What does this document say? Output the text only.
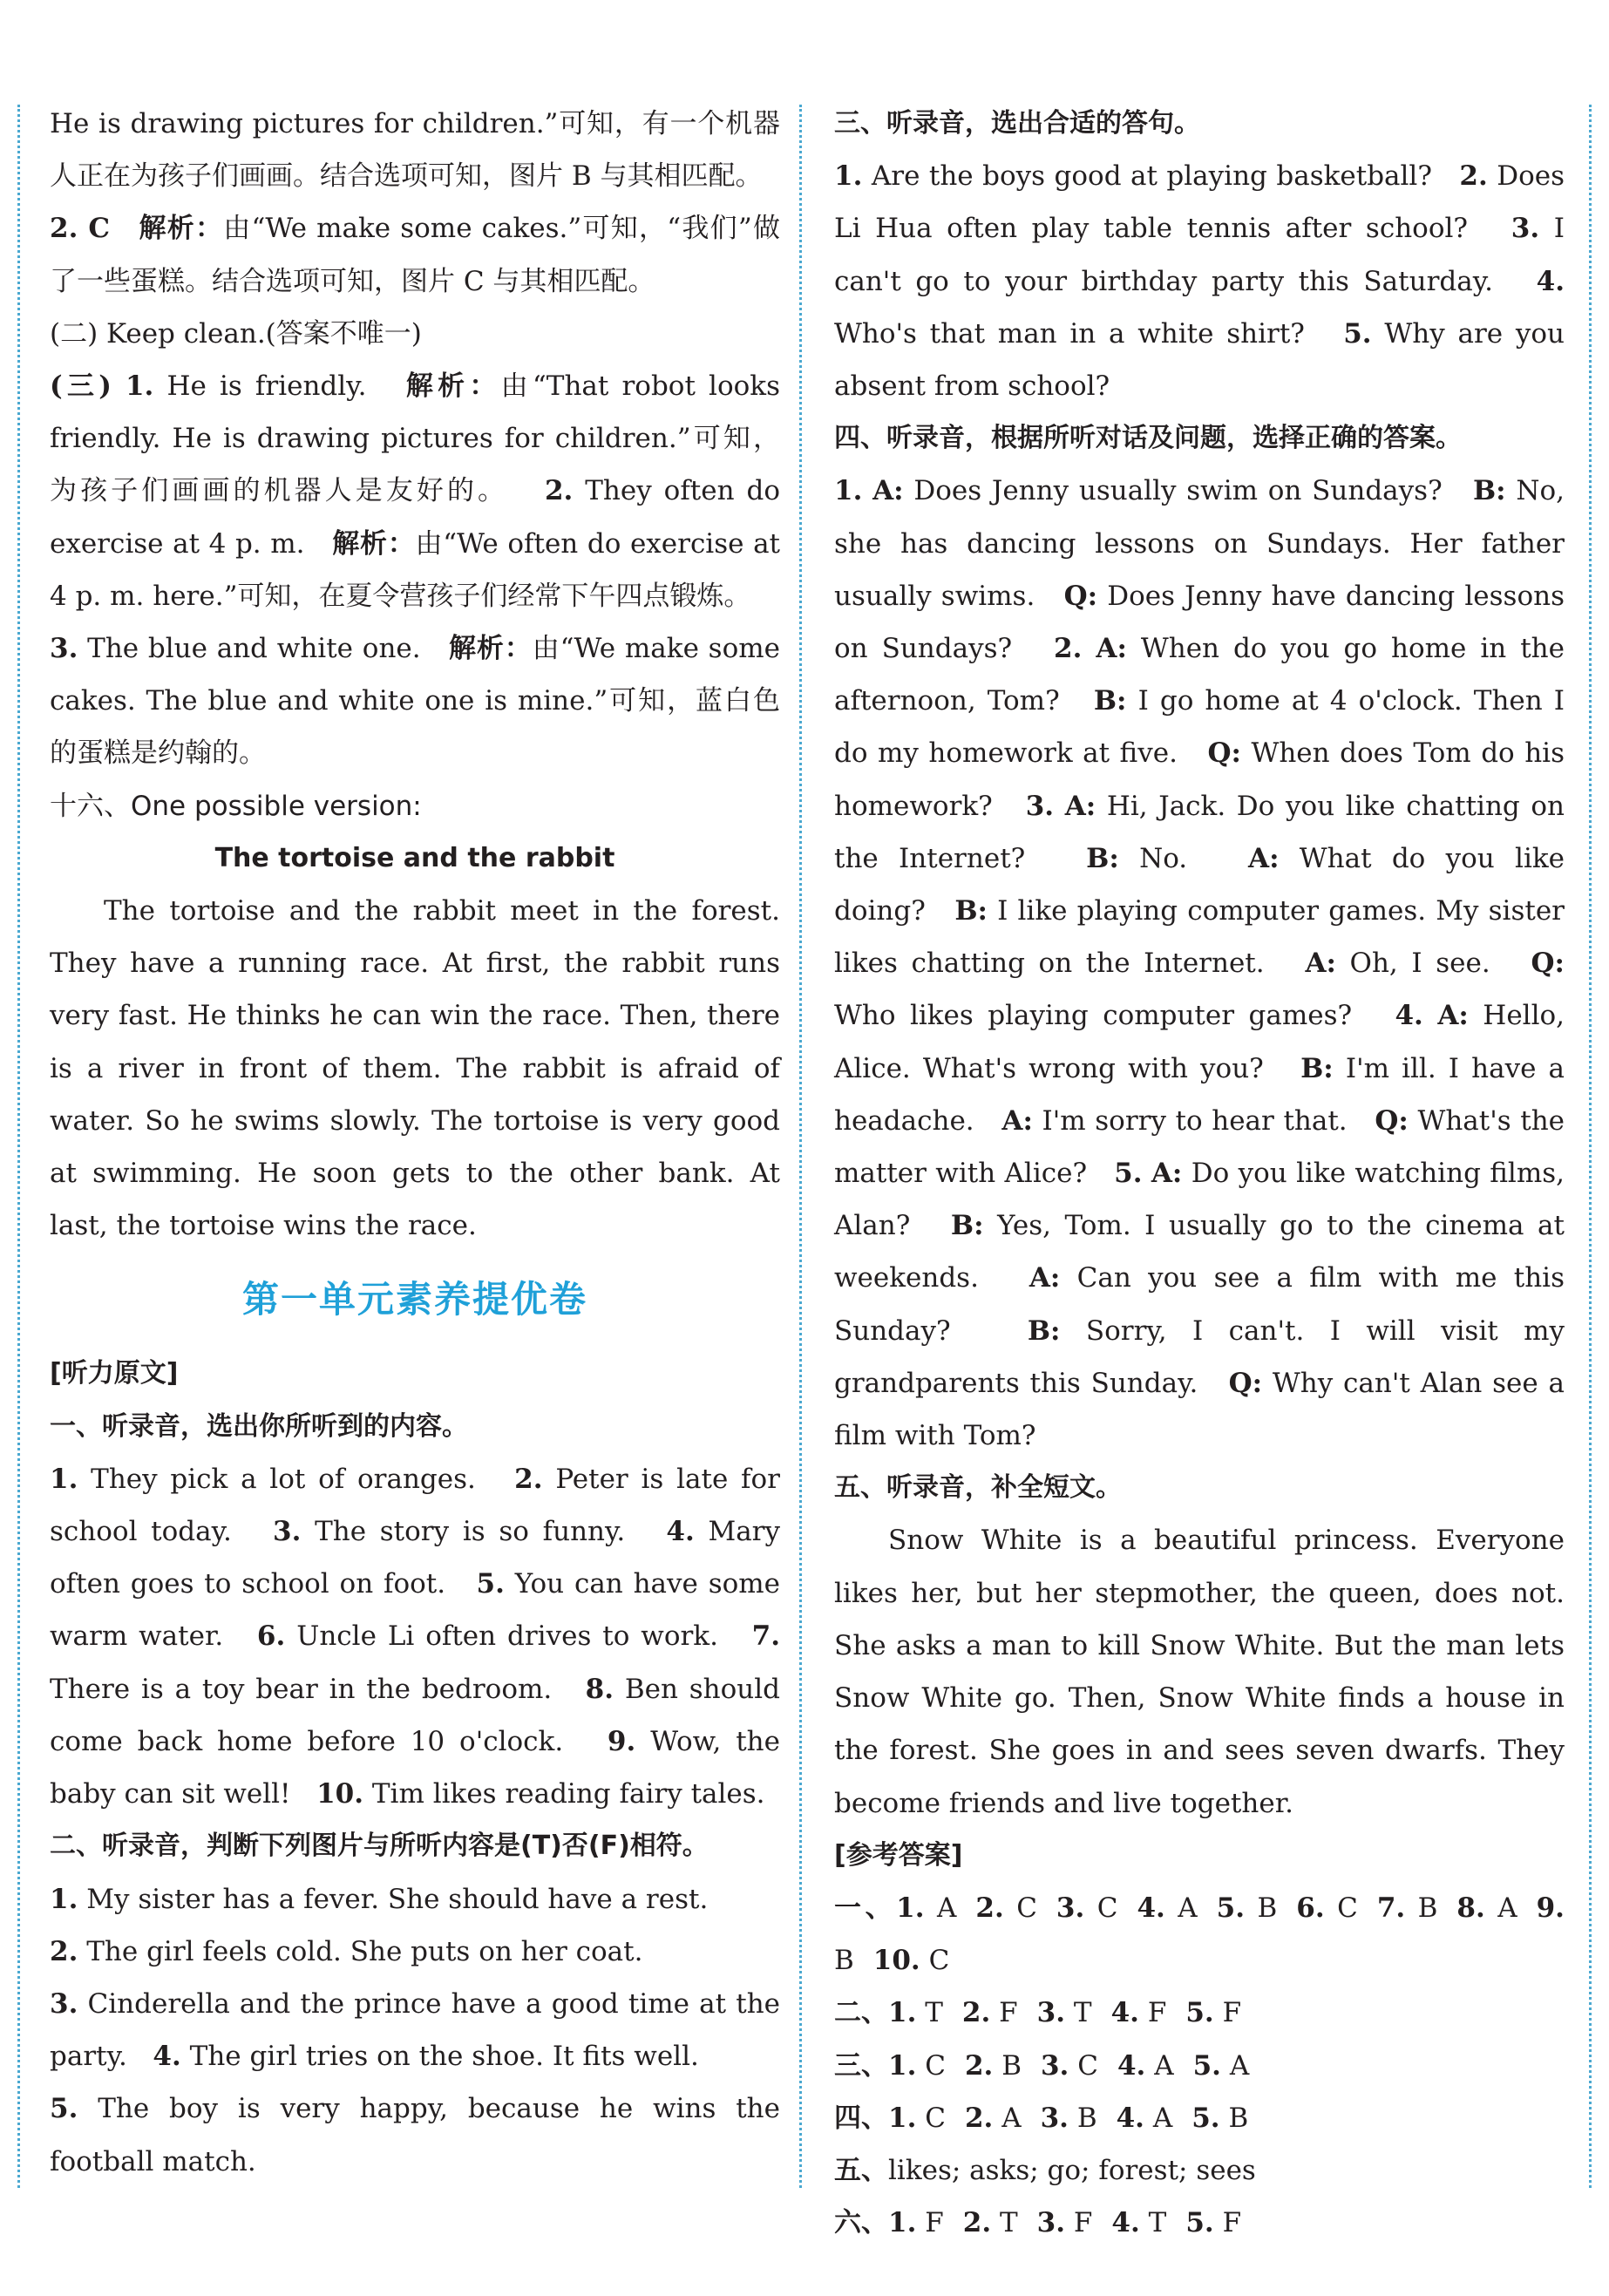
He is drawing pictures for children.”可知，有一个机器人正在为孩子们画画。结合选项可知，图片 B 与其相匹配。

2. C 解析：由“We make some cakes.”可知，“我们”做了一些蛋糕。结合选项可知，图片 C 与其相匹配。

(二) Keep clean.(答案不唯一)

(三) 1. He is friendly.   解析：由“That robot looks friendly. He is drawing pictures for children.”可知，为孩子们画画的机器人是友好的。 2. They often do exercise at 4 p. m.   解析：由“We often do exercise at 4 p. m. here.”可知，在夏令营孩子们经常下午四点锻炼。

3. The blue and white one.   解析：由“We make some cakes. The blue and white one is mine.”可知，蓝白色的蛋糕是约翰的。

十六、One possible version:

The tortoise and the rabbit

The tortoise and the rabbit meet in the forest. They have a running race. At first, the rabbit runs very fast. He thinks he can win the race. Then, there is a river in front of them. The rabbit is afraid of water. So he swims slowly. The tortoise is very good at swimming. He soon gets to the other bank. At last, the tortoise wins the race.

第一单元素养提优卷

[听力原文]

一、听录音，选出你所听到的内容。

1. They pick a lot of oranges. 2. Peter is late for school today. 3. The story is so funny. 4. Mary often goes to school on foot. 5. You can have some warm water. 6. Uncle Li often drives to work. 7. There is a toy bear in the bedroom. 8. Ben should come back home before 10 o'clock. 9. Wow, the baby can sit well! 10. Tim likes reading fairy tales.

二、听录音，判断下列图片与所听内容是(T)否(F)相符。

1. My sister has a fever. She should have a rest.

2. The girl feels cold. She puts on her coat.

3. Cinderella and the prince have a good time at the party. 4. The girl tries on the shoe. It fits well.

5. The boy is very happy, because he wins the football match.

三、听录音，选出合适的答句。

1. Are the boys good at playing basketball? 2. Does Li Hua often play table tennis after school? 3. I can't go to your birthday party this Saturday. 4. Who's that man in a white shirt? 5. Why are you absent from school?

四、听录音，根据所听对话及问题，选择正确的答案。

1. A: Does Jenny usually swim on Sundays? B: No, she has dancing lessons on Sundays. Her father usually swims. Q: Does Jenny have dancing lessons on Sundays? 2. A: When do you go home in the afternoon, Tom? B: I go home at 4 o'clock. Then I do my homework at five. Q: When does Tom do his homework? 3. A: Hi, Jack. Do you like chatting on the Internet? B: No. A: What do you like doing? B: I like playing computer games. My sister likes chatting on the Internet. A: Oh, I see. Q: Who likes playing computer games? 4. A: Hello, Alice. What's wrong with you? B: I'm ill. I have a headache. A: I'm sorry to hear that. Q: What's the matter with Alice? 5. A: Do you like watching films, Alan? B: Yes, Tom. I usually go to the cinema at weekends. A: Can you see a film with me this Sunday?	B: Sorry, I can't. I will visit my grandparents this Sunday. Q: Why can't Alan see a film with Tom?

五、听录音，补全短文。

Snow White is a beautiful princess. Everyone likes her, but her stepmother, the queen, does not. She asks a man to kill Snow White. But the man lets Snow White go. Then, Snow White finds a house in the forest. She goes in and sees seven dwarfs. They become friends and live together.

[参考答案]

一、1. A 2. C 3. C 4. A 5. B 6. C 7. B 8. A 9. B 10. C

二、1. T 2. F 3. T 4. F 5. F

三、1. C 2. B 3. C 4. A 5. A

四、1. C 2. A 3. B 4. A 5. B

五、likes; asks; go; forest; sees

六、1. F 2. T 3. F 4. T 5. F
